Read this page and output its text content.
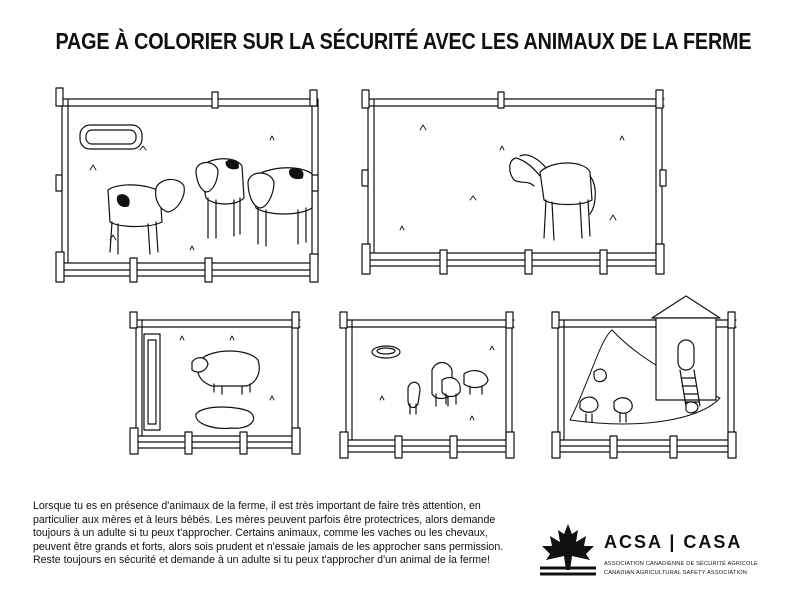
PAGE À COLORIER SUR LA SÉCURITÉ AVEC LES ANIMAUX DE LA FERME

Lorsque tu es en présence d'animaux de la ferme, il est très important de faire très attention, en particulier aux mères et à leurs bébés. Les mères peuvent parfois être protectrices, alors demande toujours à un adulte si tu peux t'approcher. Certains animaux, comme les vaches ou les chevaux, peuvent être grands et forts, alors sois prudent et n'essaie jamais de les approcher sans permission. Reste toujours en sécurité et demande à un adulte si tu peux t'approcher d'un animal de la ferme!

ACSA | CASA
ASSOCIATION CANADIENNE DE SÉCURITÉ AGRICOLE
CANADIAN AGRICULTURAL SAFETY ASSOCIATION
